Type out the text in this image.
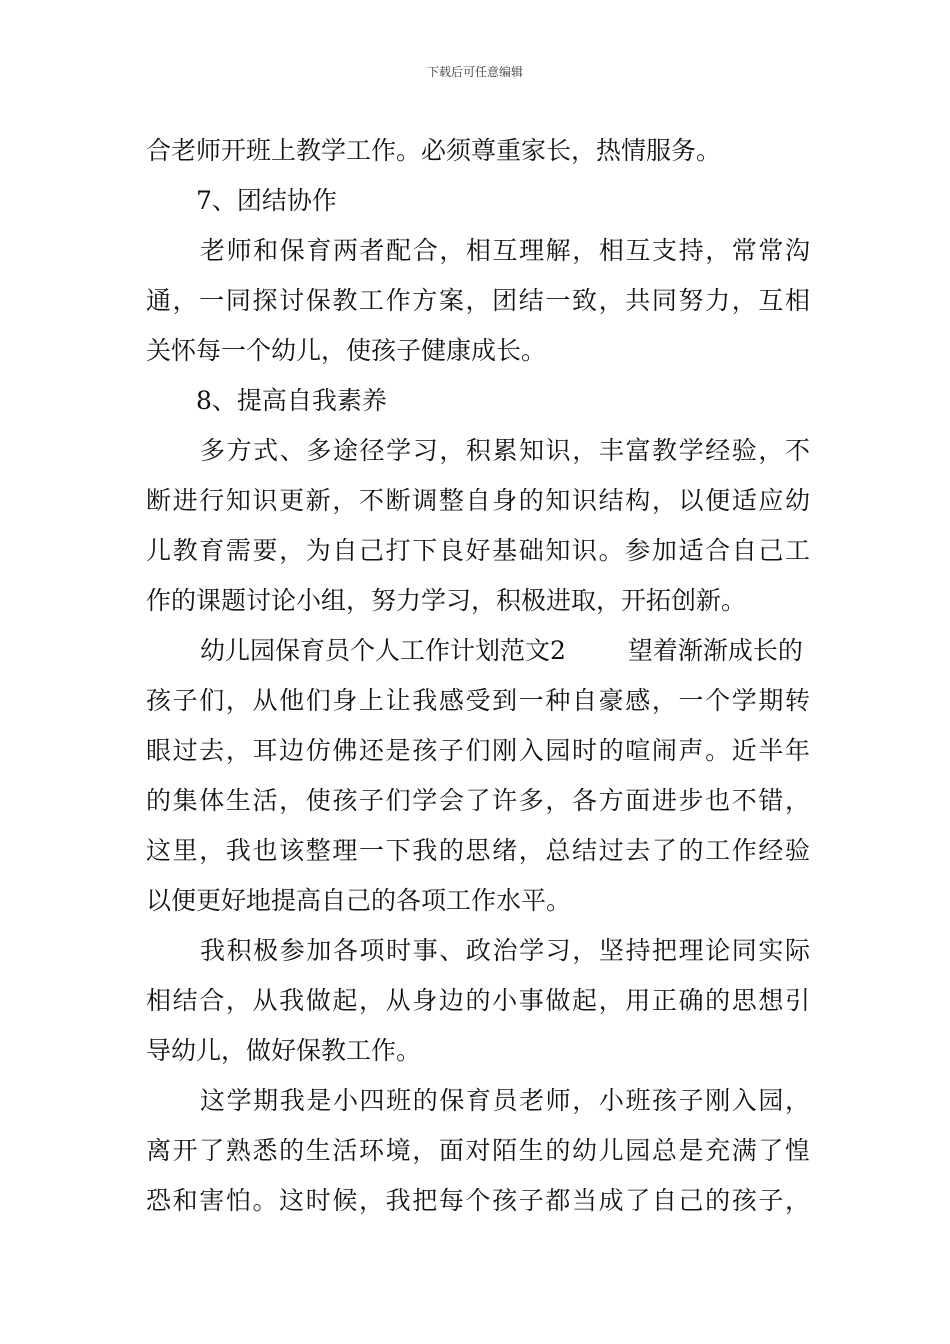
下载后可任意编辑
合老师开班上教学工作。必须尊重家长，热情服务。
7、团结协作
老师和保育两者配合，相互理解，相互支持，常常沟
通，一同探讨保教工作方案，团结一致，共同努力，互相
关怀每一个幼儿，使孩子健康成长。
8、提高自我素养
多方式、多途径学习，积累知识，丰富教学经验，不
断进行知识更新，不断调整自身的知识结构，以便适应幼
儿教育需要，为自己打下良好基础知识。参加适合自己工
作的课题讨论小组，努力学习，积极进取，开拓创新。
幼儿园保育员个人工作计划范文2 望着渐渐成长的
孩子们，从他们身上让我感受到一种自豪感，一个学期转
眼过去，耳边仿佛还是孩子们刚入园时的喧闹声。近半年
的集体生活，使孩子们学会了许多，各方面进步也不错，
这里，我也该整理一下我的思绪，总结过去了的工作经验
以便更好地提高自己的各项工作水平。
我积极参加各项时事、政治学习，坚持把理论同实际
相结合，从我做起，从身边的小事做起，用正确的思想引
导幼儿，做好保教工作。
这学期我是小四班的保育员老师，小班孩子刚入园，
离开了熟悉的生活环境，面对陌生的幼儿园总是充满了惶
恐和害怕。这时候，我把每个孩子都当成了自己的孩子，
